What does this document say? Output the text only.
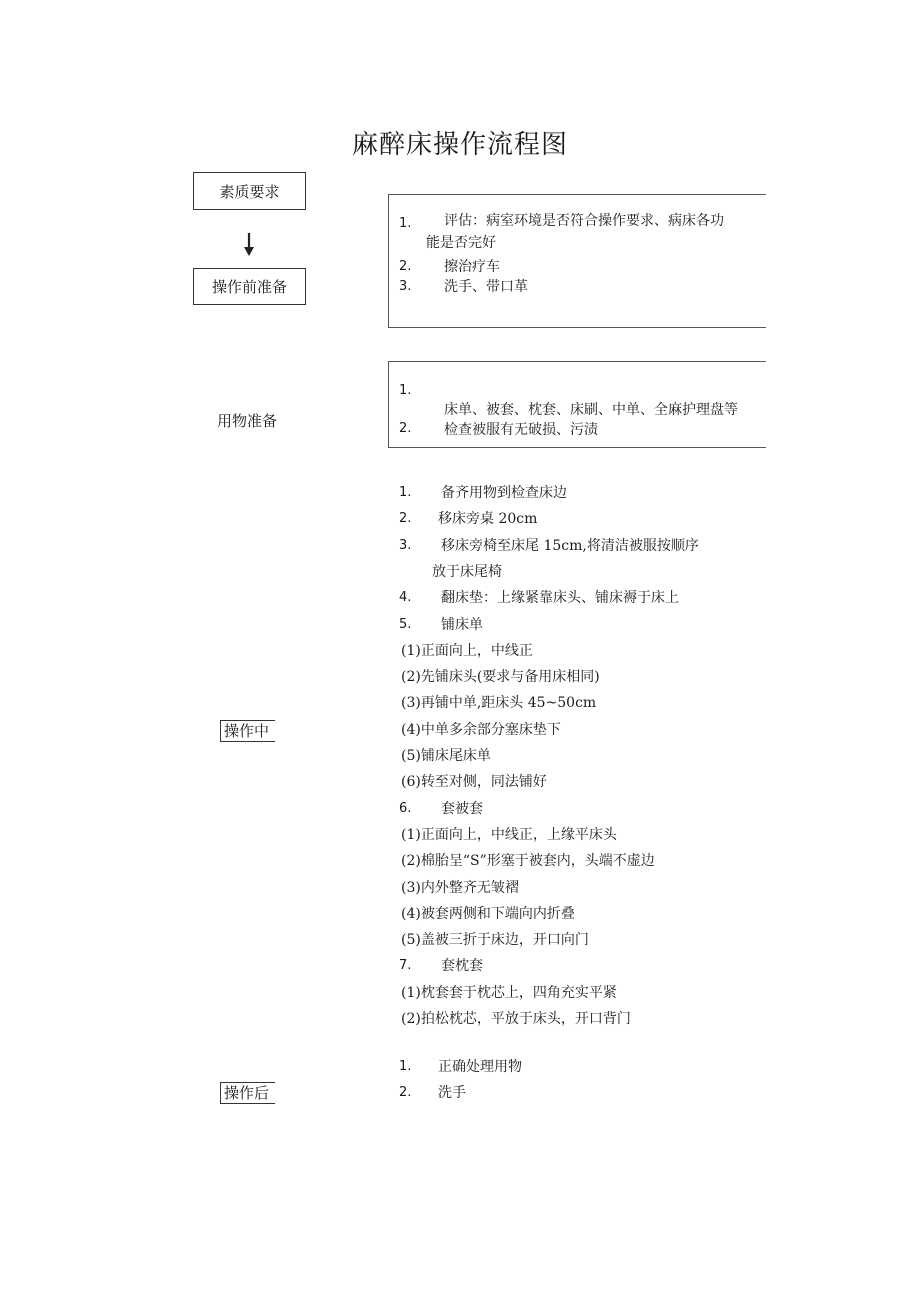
麻醉床操作流程图
素质要求
操作前准备
用物准备
操作中
操作后
1. 评估：病室环境是否符合操作要求、病床各功
能是否完好
2. 擦治疗车
3. 洗手、带口革
1.
床单、被套、枕套、床刷、中单、全麻护理盘等
2. 检查被服有无破损、污渍
1. 备齐用物到检查床边
2. 移床旁桌 20cm
3. 移床旁椅至床尾 15cm,将清洁被服按顺序
放于床尾椅
4. 翻床垫：上缘紧靠床头、铺床褥于床上
5. 铺床单
(1)正面向上，中线正
(2)先铺床头(要求与备用床相同)
(3)再铺中单,距床头 45~50cm
(4)中单多余部分塞床垫下
(5)铺床尾床单
(6)转至对侧，同法铺好
6. 套被套
(1)正面向上，中线正，上缘平床头
(2)棉胎呈“S”形塞于被套内，头端不虚边
(3)内外整齐无皱褶
(4)被套两侧和下端向内折叠
(5)盖被三折于床边，开口向门
7. 套枕套
(1)枕套套于枕芯上，四角充实平紧
(2)拍松枕芯，平放于床头，开口背门
1. 正确处理用物
2. 洗手
